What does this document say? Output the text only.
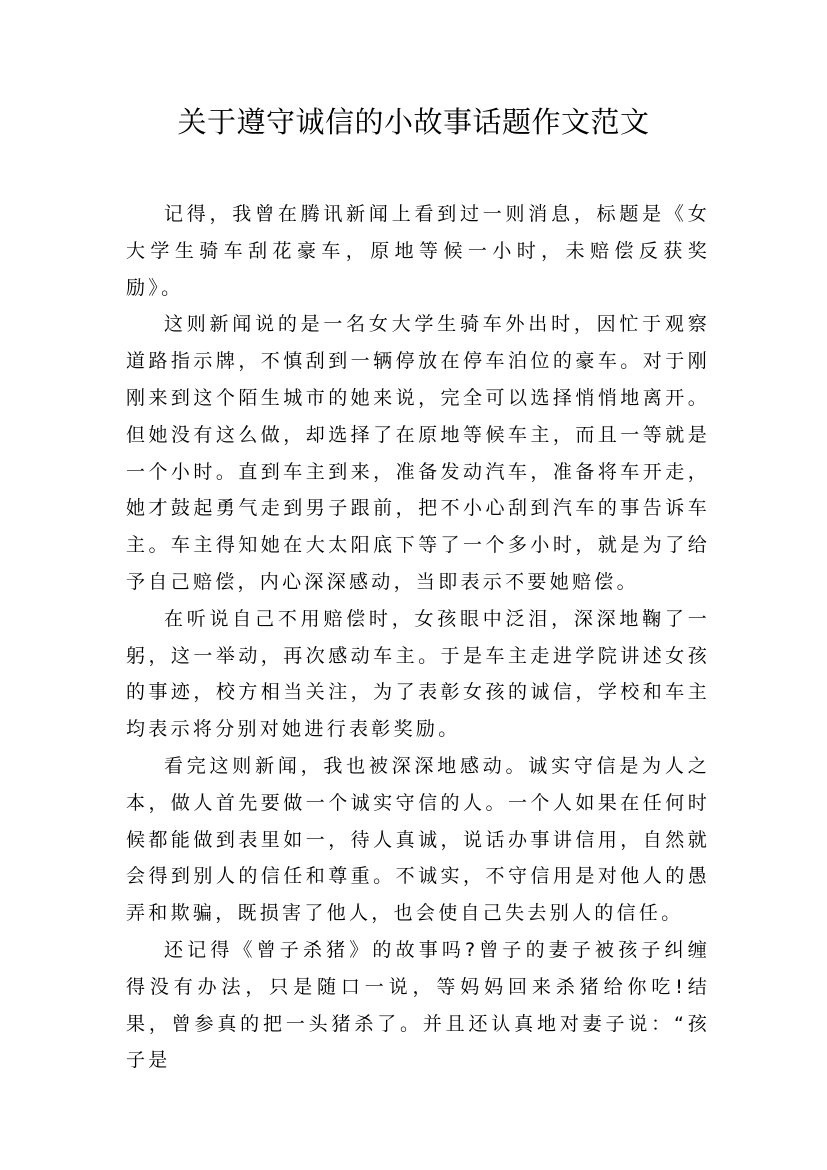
关于遵守诚信的小故事话题作文范文

记得，我曾在腾讯新闻上看到过一则消息，标题是《女大学生骑车刮花豪车，原地等候一小时，未赔偿反获奖励》。

这则新闻说的是一名女大学生骑车外出时，因忙于观察道路指示牌，不慎刮到一辆停放在停车泊位的豪车。对于刚刚来到这个陌生城市的她来说，完全可以选择悄悄地离开。但她没有这么做，却选择了在原地等候车主，而且一等就是一个小时。直到车主到来，准备发动汽车，准备将车开走，她才鼓起勇气走到男子跟前，把不小心刮到汽车的事告诉车主。车主得知她在大太阳底下等了一个多小时，就是为了给予自己赔偿，内心深深感动，当即表示不要她赔偿。

在听说自己不用赔偿时，女孩眼中泛泪，深深地鞠了一躬，这一举动，再次感动车主。于是车主走进学院讲述女孩的事迹，校方相当关注，为了表彰女孩的诚信，学校和车主均表示将分别对她进行表彰奖励。

看完这则新闻，我也被深深地感动。诚实守信是为人之本，做人首先要做一个诚实守信的人。一个人如果在任何时候都能做到表里如一，待人真诚，说话办事讲信用，自然就会得到别人的信任和尊重。不诚实，不守信用是对他人的愚弄和欺骗，既损害了他人，也会使自己失去别人的信任。

还记得《曾子杀猪》的故事吗?曾子的妻子被孩子纠缠得没有办法，只是随口一说，等妈妈回来杀猪给你吃!结果，曾参真的把一头猪杀了。并且还认真地对妻子说：“孩子是
